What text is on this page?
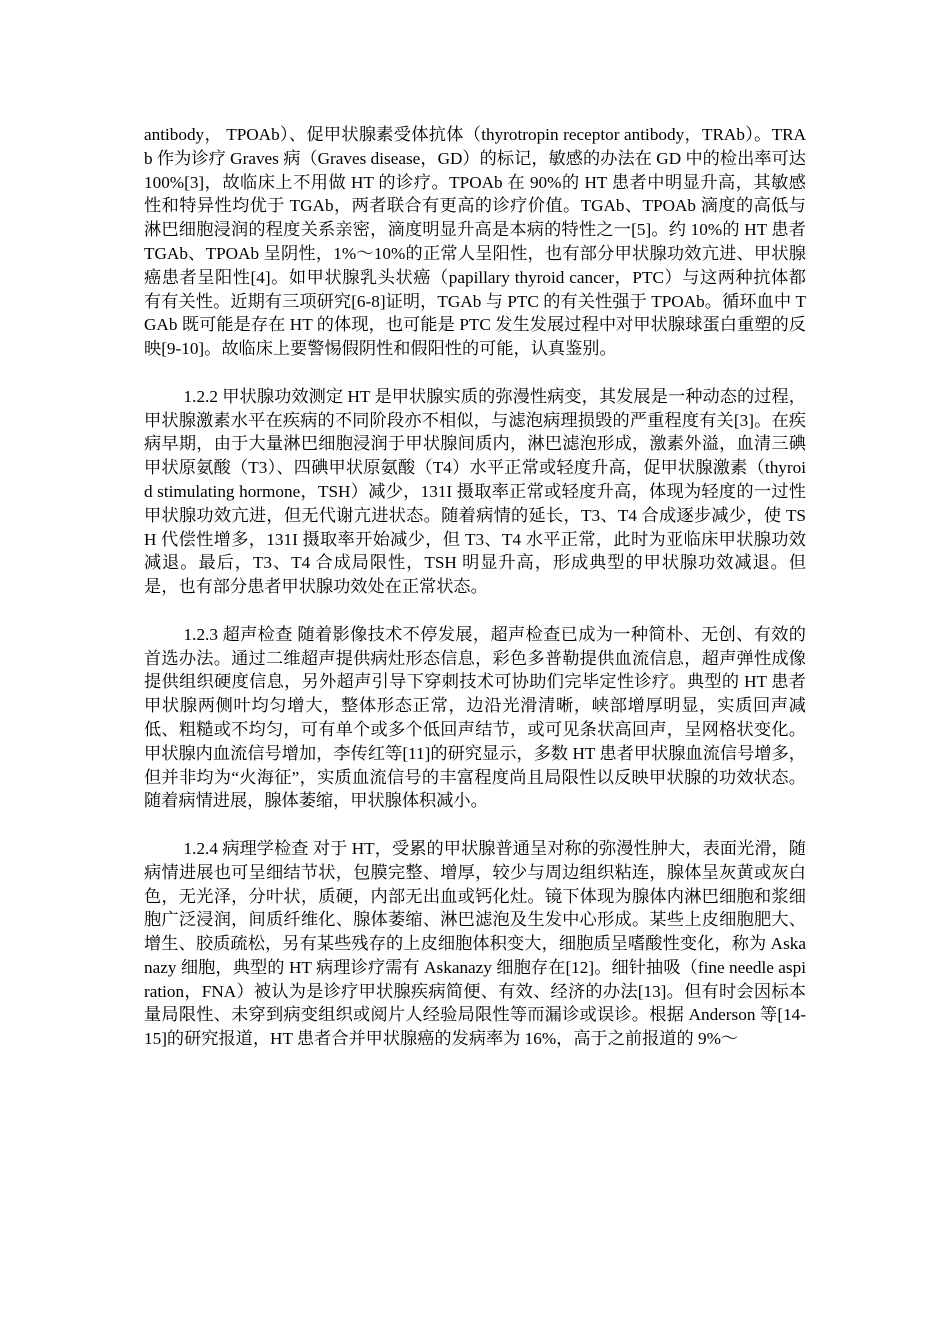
antibody， TPOAb）、促甲状腺素受体抗体（thyrotropin receptor antibody，TRAb）。TRAb 作为诊疗 Graves 病（Graves disease，GD）的标记，敏感的办法在 GD 中的检出率可达 100%[3]，故临床上不用做 HT 的诊疗。TPOAb 在 90%的 HT 患者中明显升高，其敏感性和特异性均优于 TGAb，两者联合有更高的诊疗价值。TGAb、TPOAb 滴度的高低与淋巴细胞浸润的程度关系亲密，滴度明显升高是本病的特性之一[5]。约 10%的 HT 患者 TGAb、TPOAb 呈阴性，1%～10%的正常人呈阳性，也有部分甲状腺功效亢进、甲状腺癌患者呈阳性[4]。如甲状腺乳头状癌（papillary thyroid cancer，PTC）与这两种抗体都有有关性。近期有三项研究[6-8]证明，TGAb 与 PTC 的有关性强于 TPOAb。循环血中 TGAb 既可能是存在 HT 的体现，也可能是 PTC 发生发展过程中对甲状腺球蛋白重塑的反映[9-10]。故临床上要警惕假阴性和假阳性的可能，认真鉴别。

1.2.2 甲状腺功效测定 HT 是甲状腺实质的弥漫性病变，其发展是一种动态的过程，甲状腺激素水平在疾病的不同阶段亦不相似，与滤泡病理损毁的严重程度有关[3]。在疾病早期，由于大量淋巴细胞浸润于甲状腺间质内，淋巴滤泡形成，激素外溢，血清三碘甲状原氨酸（T3）、四碘甲状原氨酸（T4）水平正常或轻度升高，促甲状腺激素（thyroid stimulating hormone，TSH）减少，131I 摄取率正常或轻度升高，体现为轻度的一过性甲状腺功效亢进，但无代谢亢进状态。随着病情的延长，T3、T4 合成逐步减少，使 TSH 代偿性增多，131I 摄取率开始减少，但 T3、T4 水平正常，此时为亚临床甲状腺功效减退。最后，T3、T4 合成局限性，TSH 明显升高，形成典型的甲状腺功效减退。但是，也有部分患者甲状腺功效处在正常状态。

1.2.3 超声检查 随着影像技术不停发展，超声检查已成为一种简朴、无创、有效的首选办法。通过二维超声提供病灶形态信息，彩色多普勒提供血流信息，超声弹性成像提供组织硬度信息，另外超声引导下穿刺技术可协助们完毕定性诊疗。典型的 HT 患者甲状腺两侧叶均匀增大，整体形态正常，边沿光滑清晰，峡部增厚明显，实质回声减低、粗糙或不均匀，可有单个或多个低回声结节，或可见条状高回声，呈网格状变化。甲状腺内血流信号增加，李传红等[11]的研究显示，多数 HT 患者甲状腺血流信号增多，但并非均为“火海征”，实质血流信号的丰富程度尚且局限性以反映甲状腺的功效状态。随着病情进展，腺体萎缩，甲状腺体积减小。

1.2.4 病理学检查 对于 HT，受累的甲状腺普通呈对称的弥漫性肿大，表面光滑，随病情进展也可呈细结节状，包膜完整、增厚，较少与周边组织粘连，腺体呈灰黄或灰白色，无光泽，分叶状，质硬，内部无出血或钙化灶。镜下体现为腺体内淋巴细胞和浆细胞广泛浸润，间质纤维化、腺体萎缩、淋巴滤泡及生发中心形成。某些上皮细胞肥大、增生、胶质疏松，另有某些残存的上皮细胞体积变大，细胞质呈嗜酸性变化，称为 Askanazy 细胞，典型的 HT 病理诊疗需有 Askanazy 细胞存在[12]。细针抽吸（fine needle aspiration，FNA）被认为是诊疗甲状腺疾病简便、有效、经济的办法[13]。但有时会因标本量局限性、未穿到病变组织或阅片人经验局限性等而漏诊或误诊。根据 Anderson 等[14-15]的研究报道，HT 患者合并甲状腺癌的发病率为 16%，高于之前报道的 9%～
